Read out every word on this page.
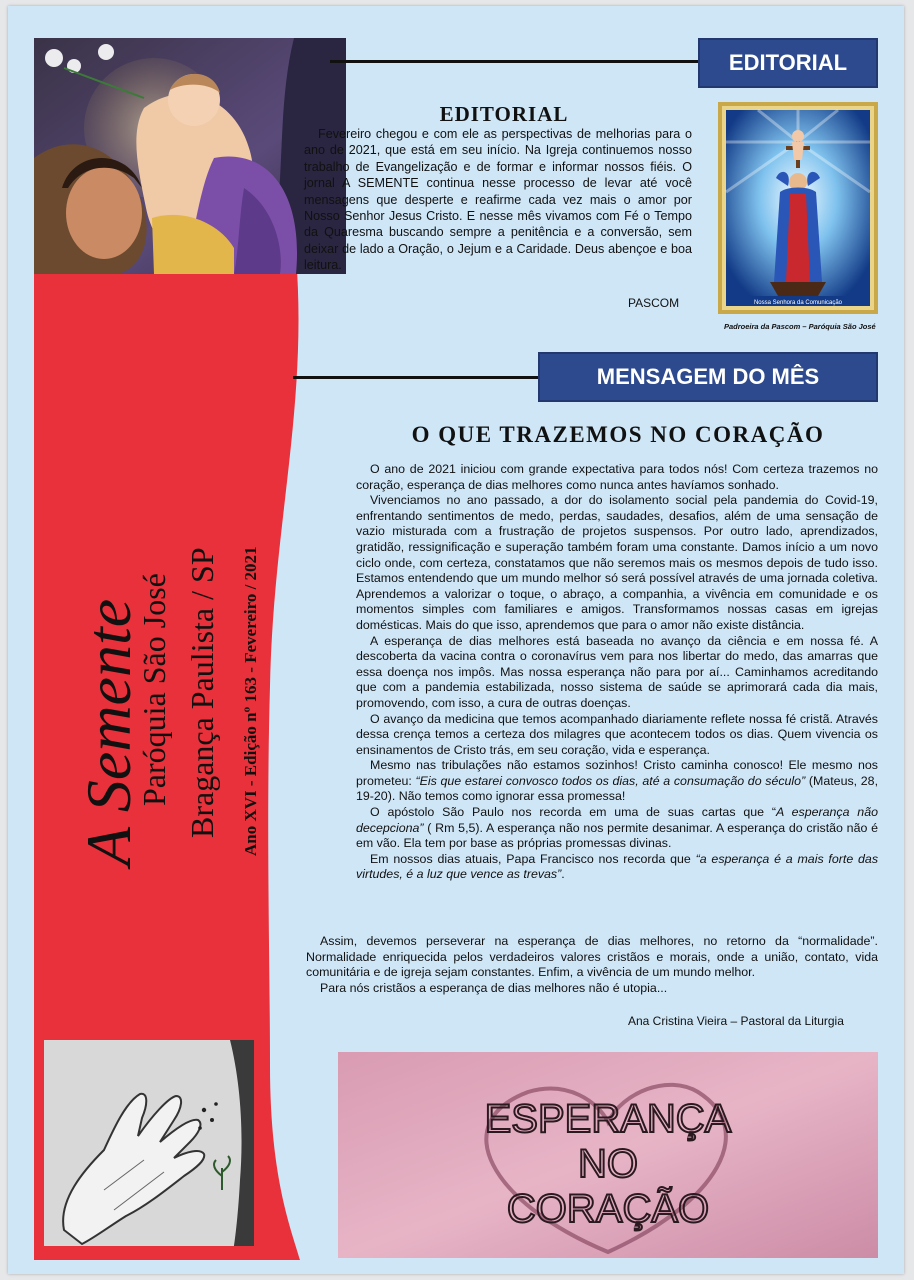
EDITORIAL
EDITORIAL

Fevereiro chegou e com ele as perspectivas de melhorias para o ano de 2021, que está em seu início. Na Igreja continuemos nosso trabalho de Evangelização e de formar e informar nossos fiéis. O jornal A SEMENTE continua nesse processo de levar até você mensagens que desperte e reafirme cada vez mais o amor por Nosso Senhor Jesus Cristo. E nesse mês vivamos com Fé o Tempo da Quaresma buscando sempre a penitência e a conversão, sem deixar de lado a Oração, o Jejum e a Caridade. Deus abençoe e boa leitura.

PASCOM	Nossa Senhora da Comunicação
Padroeira da Pascom – Paróquia São José
MENSAGEM DO MÊS
O QUE TRAZEMOS NO CORAÇÃO

O ano de 2021 iniciou com grande expectativa para todos nós! Com certeza trazemos no coração, esperança de dias melhores como nunca antes havíamos sonhado.

Vivenciamos no ano passado, a dor do isolamento social pela pandemia do Covid-19, enfrentando sentimentos de medo, perdas, saudades, desafios, além de uma sensação de vazio misturada com a frustração de projetos suspensos. Por outro lado, aprendizados, gratidão, ressignificação e superação também foram uma constante. Damos início a um novo ciclo onde, com certeza, constatamos que não seremos mais os mesmos depois de tudo isso. Estamos entendendo que um mundo melhor só será possível através de uma jornada coletiva. Aprendemos a valorizar o toque, o abraço, a companhia, a vivência em comunidade e os momentos simples com familiares e amigos. Transformamos nossas casas em igrejas domésticas. Mais do que isso, aprendemos que para o amor não existe distância.

A esperança de dias melhores está baseada no avanço da ciência e em nossa fé. A descoberta da vacina contra o coronavírus vem para nos libertar do medo, das amarras que essa doença nos impôs. Mas nossa esperança não para por aí... Caminhamos acreditando que com a pandemia estabilizada, nosso sistema de saúde se aprimorará cada dia mais, promovendo, com isso, a cura de outras doenças.

O avanço da medicina que temos acompanhado diariamente reflete nossa fé cristã. Através dessa crença temos a certeza dos milagres que acontecem todos os dias. Quem vivencia os ensinamentos de Cristo trás, em seu coração, vida e esperança.

Mesmo nas tribulações não estamos sozinhos! Cristo caminha conosco! Ele mesmo nos prometeu: “Eis que estarei convosco todos os dias, até a consumação do século” (Mateus, 28, 19-20). Não temos como ignorar essa promessa!

O apóstolo São Paulo nos recorda em uma de suas cartas que “A esperança não decepciona” ( Rm 5,5). A esperança não nos permite desanimar. A esperança do cristão não é em vão. Ela tem por base as próprias promessas divinas.

Em nossos dias atuais, Papa Francisco nos recorda que “a esperança é a mais forte das virtudes, é a luz que vence as trevas”.

Assim, devemos perseverar na esperança de dias melhores, no retorno da “normalidade”. Normalidade enriquecida pelos verdadeiros valores cristãos e morais, onde a união, contato, vida comunitária e de igreja sejam constantes. Enfim, a vivência de um mundo melhor.

Para nós cristãos a esperança de dias melhores não é utopia...

Ana Cristina Vieira – Pastoral da Liturgia
A Semente
Paróquia São José Bragança Paulista / SP Ano XVI - Edição nº 163 - Fevereiro / 2021
ESPERANÇA
NO
CORAÇÃO
